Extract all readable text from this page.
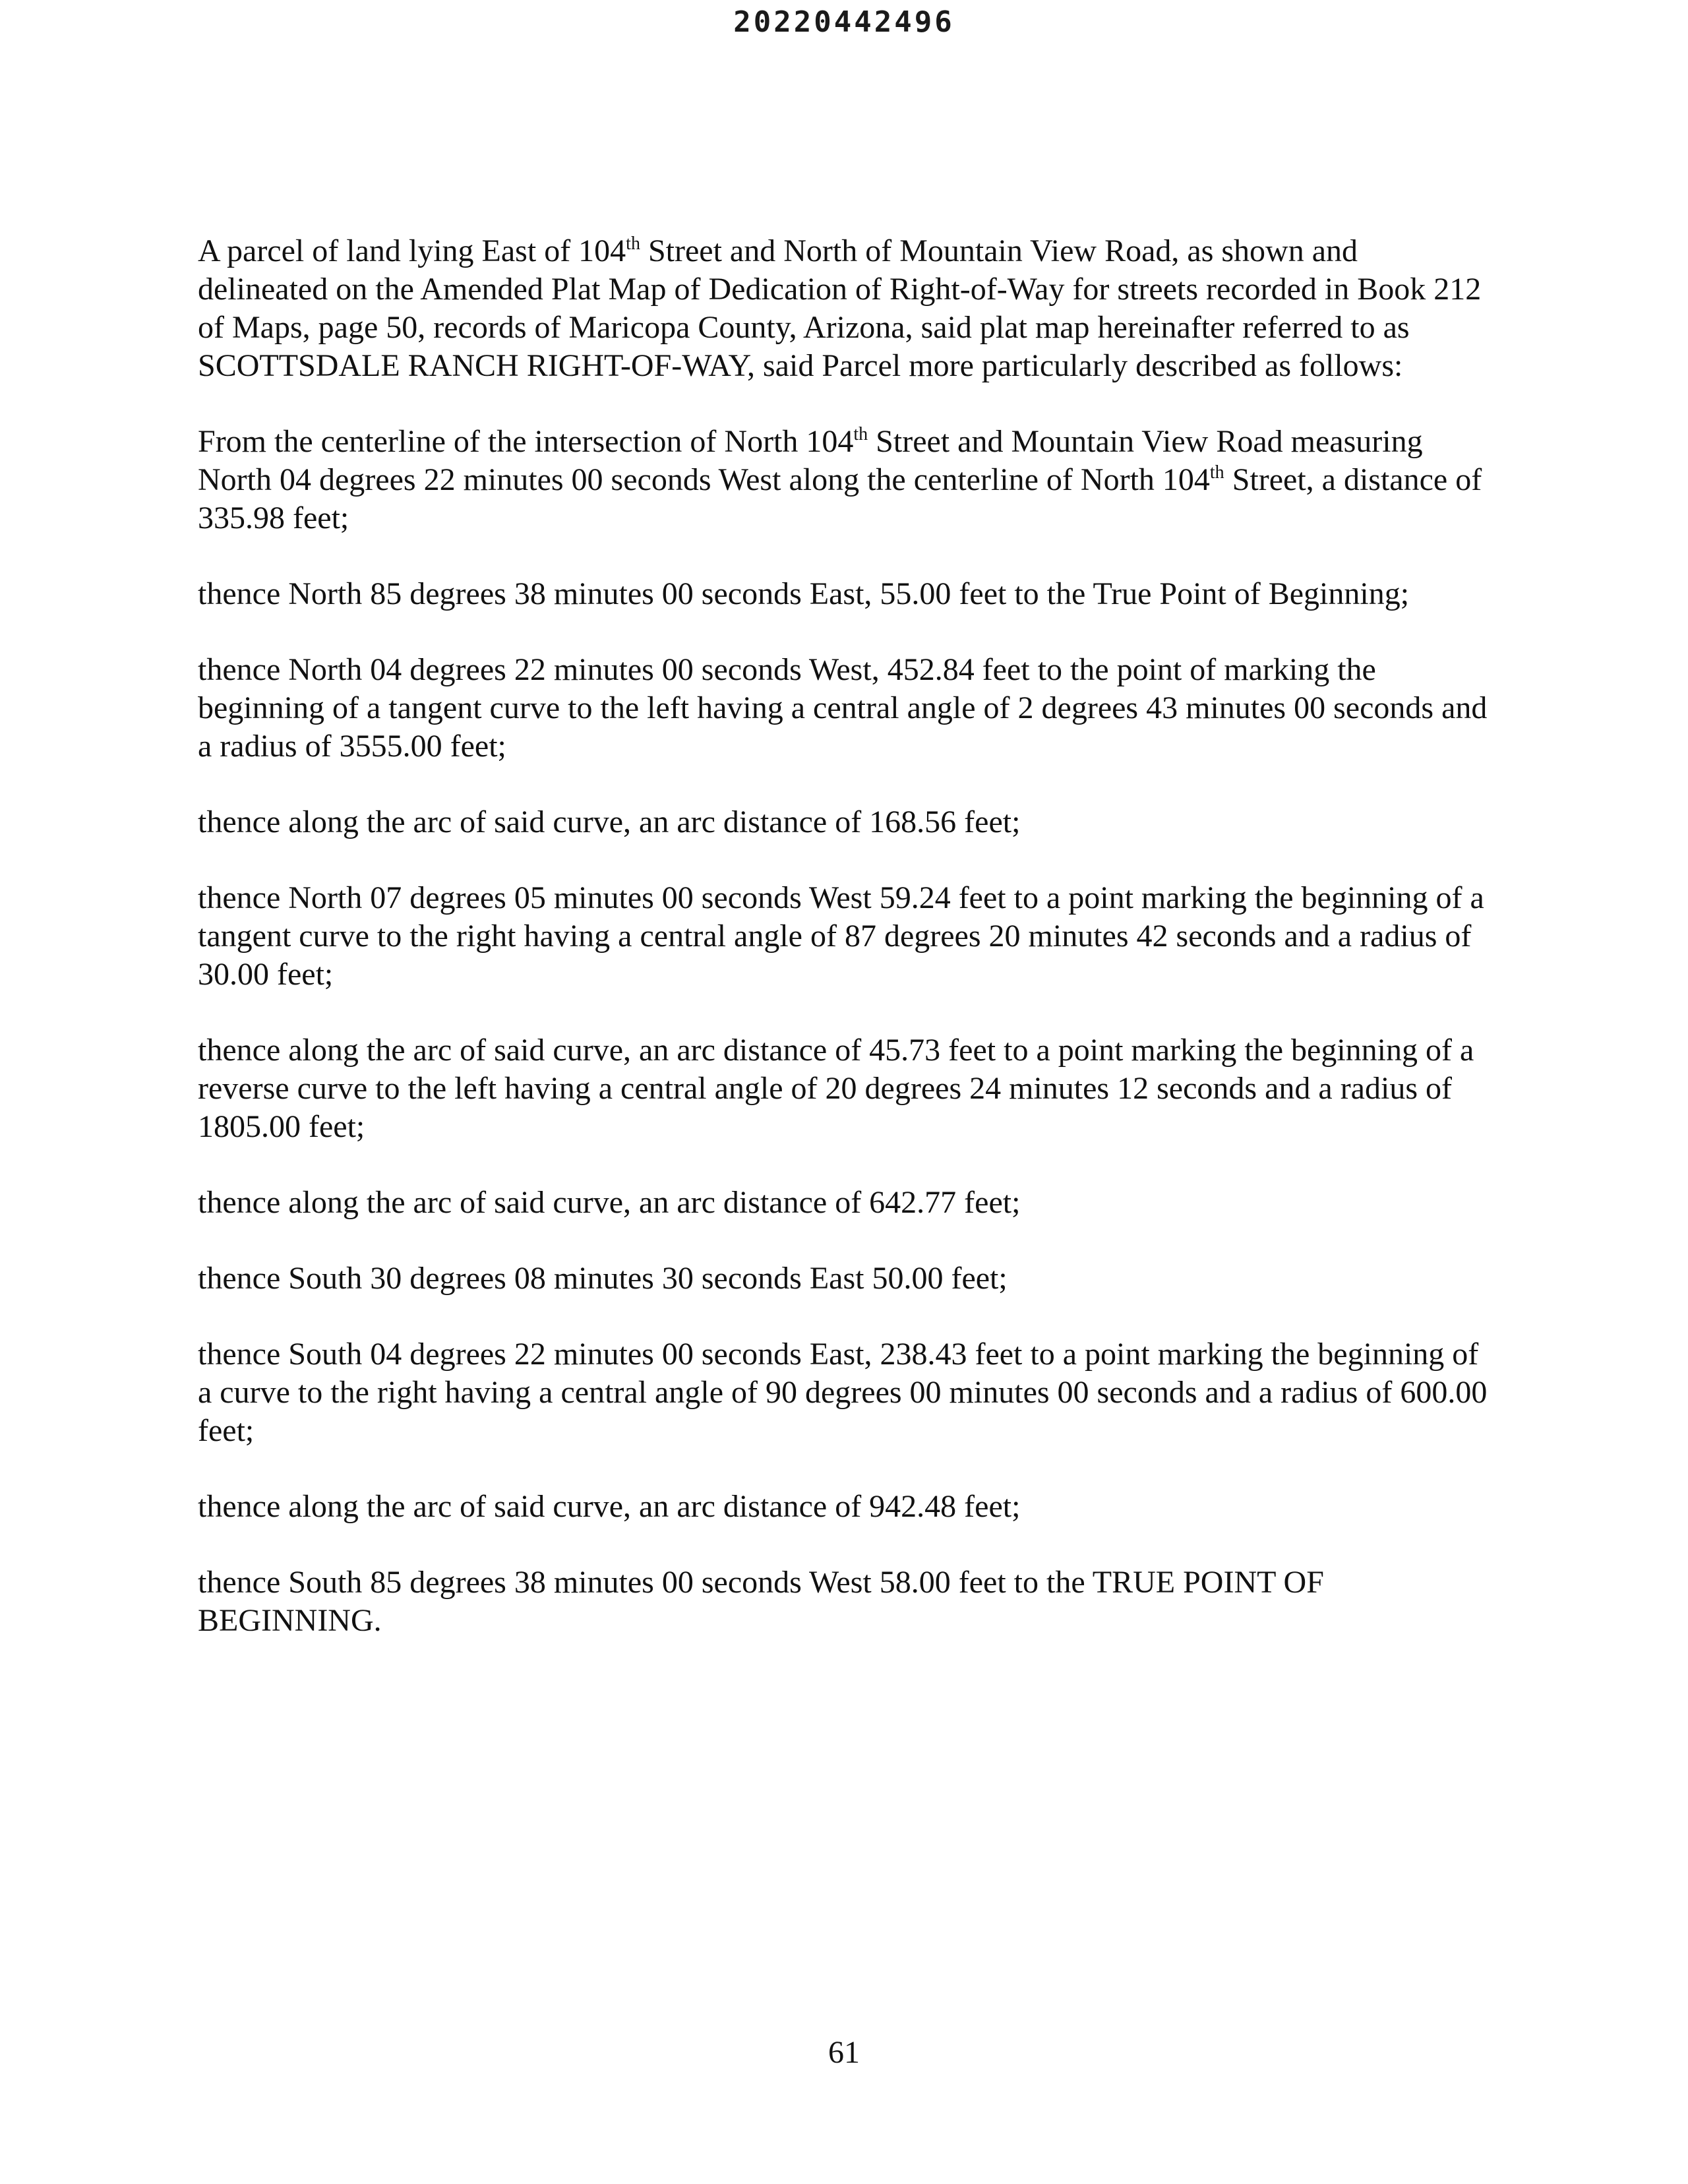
20220442496

A parcel of land lying East of 104th Street and North of Mountain View Road, as shown and delineated on the Amended Plat Map of Dedication of Right-of-Way for streets recorded in Book 212 of Maps, page 50, records of Maricopa County, Arizona, said plat map hereinafter referred to as SCOTTSDALE RANCH RIGHT-OF-WAY, said Parcel more particularly described as follows:

From the centerline of the intersection of North 104th Street and Mountain View Road measuring North 04 degrees 22 minutes 00 seconds West along the centerline of North 104th Street, a distance of 335.98 feet;

thence North 85 degrees 38 minutes 00 seconds East, 55.00 feet to the True Point of Beginning;

thence North 04 degrees 22 minutes 00 seconds West, 452.84 feet to the point of marking the beginning of a tangent curve to the left having a central angle of 2 degrees 43 minutes 00 seconds and a radius of 3555.00 feet;

thence along the arc of said curve, an arc distance of 168.56 feet;

thence North 07 degrees 05 minutes 00 seconds West 59.24 feet to a point marking the beginning of a tangent curve to the right having a central angle of 87 degrees 20 minutes 42 seconds and a radius of 30.00 feet;

thence along the arc of said curve, an arc distance of 45.73 feet to a point marking the beginning of a reverse curve to the left having a central angle of 20 degrees 24 minutes 12 seconds and a radius of 1805.00 feet;

thence along the arc of said curve, an arc distance of 642.77 feet;

thence South 30 degrees 08 minutes 30 seconds East 50.00 feet;

thence South 04 degrees 22 minutes 00 seconds East, 238.43 feet to a point marking the beginning of a curve to the right having a central angle of 90 degrees 00 minutes 00 seconds and a radius of 600.00 feet;

thence along the arc of said curve, an arc distance of 942.48 feet;

thence South 85 degrees 38 minutes 00 seconds West 58.00 feet to the TRUE POINT OF BEGINNING.

61
